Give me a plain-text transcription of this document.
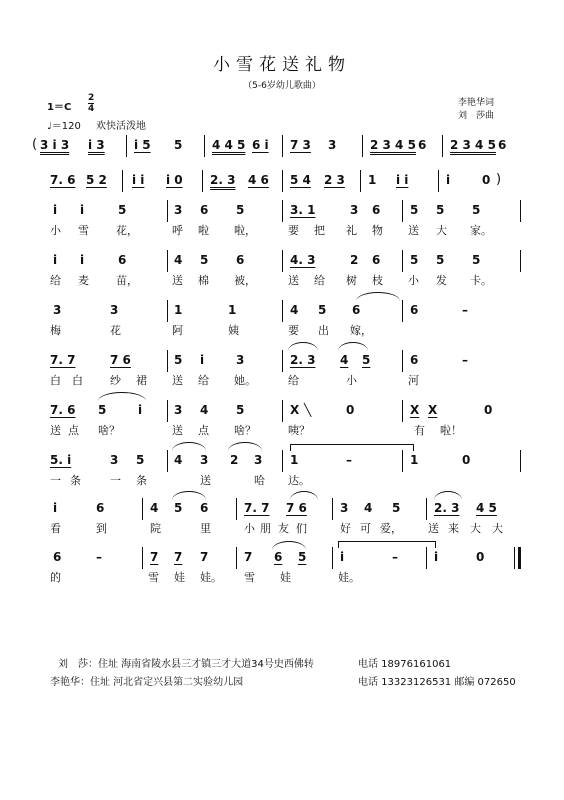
小雪花送礼物
（5-6岁幼儿歌曲）
李艳华词
刘　莎曲
1＝C
2
4
♩＝120 欢快活泼地
( 3 i 3 i 3 i 5 5 4 4 5 6 i 7 3 3	2 3 4 5 6 2 3 4 5 6
7. 6 5 2 i i i 0 2. 3 4 6 5 4 2 3 1 i i	i	0 )
i i	5	3 6 5	3. 1	3 6 5 5 5
小 雪 花，	呼 啦 啦，	要 把 礼 物 送 大 家。
i i	6	4 5 6	4. 3	2 6 5 5 5
给 麦 苗，	送 棉 被，	送 给 树 枝 小 发 卡。
3	3	1	1	4 5 6	6	–
梅	花	阿	姨	要 出 嫁，
7. 7	7 6	5 i	3	2. 3 4 5	6	–
白 白 纱 裙 送 给 她。	给	小	河
7. 6 5	i	3 4 5	X ╲	0	X X	0
送 点 啥？	送 点 啥？	咦？	有 啦！
5. i	3 5 4 3 2 3 1	–	1	0
一 条	一 条	送	哈 达。
i	6	4 5 6	7. 7 7 6	3 4 5	2. 3 4 5
看	到	院	里	小 朋 友 们	好 可 爱， 送 来 大 大
6	–	7 7 7	7 6 5	i	–	i	0
的	雪 娃 娃。 雪 娃	娃。
刘　莎：住址 海南省陵水县三才镇三才大道34号史西佛转	电话 18976161061
李艳华：住址 河北省定兴县第二实验幼儿园	电话 13323126531 邮编 072650
